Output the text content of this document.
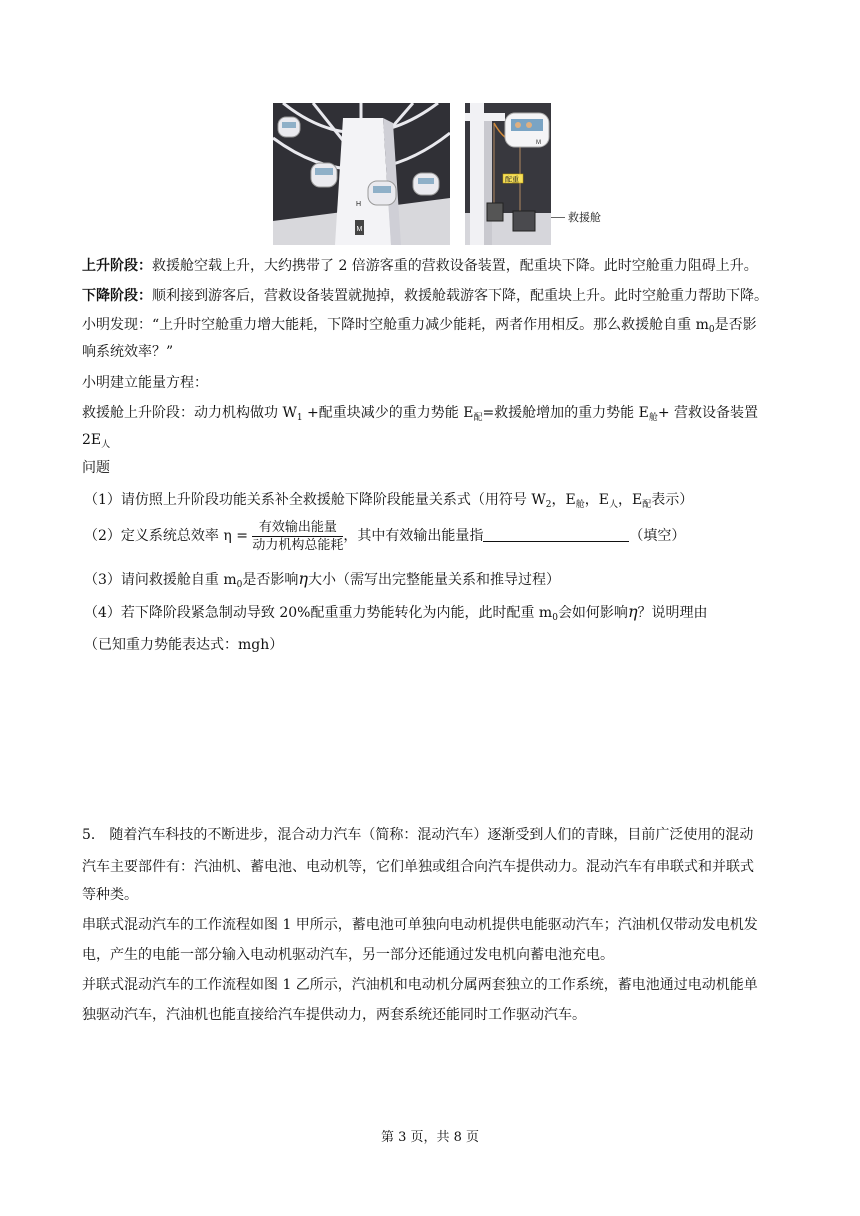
H
M
M
配重
救援舱
上升阶段：救援舱空载上升，大约携带了 2 倍游客重的营救设备装置，配重块下降。此时空舱重力阻碍上升。
下降阶段：顺利接到游客后，营救设备装置就抛掉，救援舱载游客下降，配重块上升。此时空舱重力帮助下降。
小明发现：“上升时空舱重力增大能耗，下降时空舱重力减少能耗，两者作用相反。那么救援舱自重 $m_0$是否影
响系统效率？”
小明建立能量方程：
救援舱上升阶段：动力机构做功 $W_1$ +配重块减少的重力势能 $E_配=$救援舱增加的重力势能 $E_舱+$ 营救设备装置
$2E_人$
问题
（1）请仿照上升阶段功能关系补全救援舱下降阶段能量关系式（用符号 $W_2$，$E_舱$，$E_人$，$E_配$表示）
（2）定义系统总效率 $\eta = \frac{\text{有效输出能量}}{\text{动力机构总能耗}}$ ，其中有效输出能量指	（填空）
（3）请问救援舱自重 $m_0$是否影响η大小（需写出完整能量关系和推导过程）
（4）若下降阶段紧急制动导致 20%配重重力势能转化为内能，此时配重 $m_0$会如何影响η？说明理由
（已知重力势能表达式：mgh）
5． 随着汽车科技的不断进步，混合动力汽车（简称：混动汽车）逐渐受到人们的青睐，目前广泛使用的混动
汽车主要部件有：汽油机、蓄电池、电动机等，它们单独或组合向汽车提供动力。混动汽车有串联式和并联式
等种类。
串联式混动汽车的工作流程如图 1 甲所示，蓄电池可单独向电动机提供电能驱动汽车；汽油机仅带动发电机发
电，产生的电能一部分输入电动机驱动汽车，另一部分还能通过发电机向蓄电池充电。
并联式混动汽车的工作流程如图 1 乙所示，汽油机和电动机分属两套独立的工作系统，蓄电池通过电动机能单
独驱动汽车，汽油机也能直接给汽车提供动力，两套系统还能同时工作驱动汽车。
第 3 页，共 8 页
